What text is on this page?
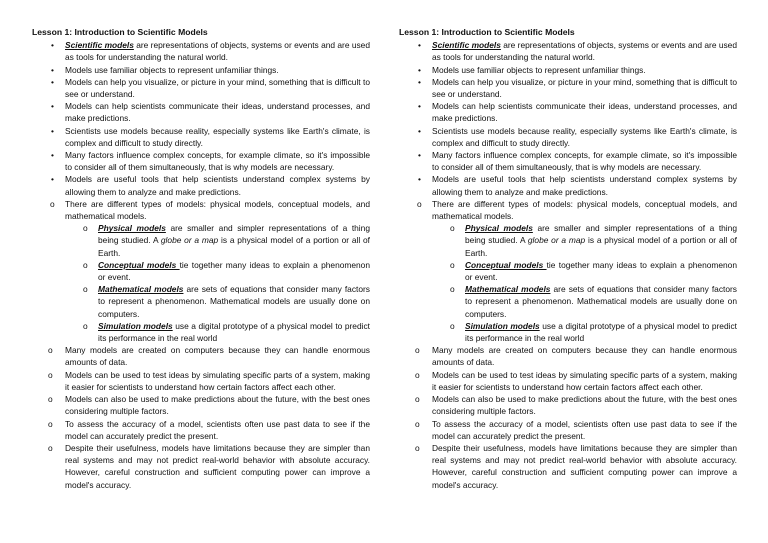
Lesson 1: Introduction to Scientific Models
• Scientific models are representations of objects, systems or events and are used as tools for understanding the natural world.
• Models use familiar objects to represent unfamiliar things.
• Models can help you visualize, or picture in your mind, something that is difficult to see or understand.
• Models can help scientists communicate their ideas, understand processes, and make predictions.
• Scientists use models because reality, especially systems like Earth's climate, is complex and difficult to study directly.
• Many factors influence complex concepts, for example climate, so it's impossible to consider all of them simultaneously, that is why models are necessary.
• Models are useful tools that help scientists understand complex systems by allowing them to analyze and make predictions.
o There are different types of models: physical models, conceptual models, and mathematical models.
o Physical models are smaller and simpler representations of a thing being studied. A globe or a map is a physical model of a portion or all of Earth.
o Conceptual models tie together many ideas to explain a phenomenon or event.
o Mathematical models are sets of equations that consider many factors to represent a phenomenon. Mathematical models are usually done on computers.
o Simulation models use a digital prototype of a physical model to predict its performance in the real world
o Many models are created on computers because they can handle enormous amounts of data.
o Models can be used to test ideas by simulating specific parts of a system, making it easier for scientists to understand how certain factors affect each other.
o Models can also be used to make predictions about the future, with the best ones considering multiple factors.
o To assess the accuracy of a model, scientists often use past data to see if the model can accurately predict the present.
o Despite their usefulness, models have limitations because they are simpler than real systems and may not predict real-world behavior with absolute accuracy. However, careful construction and sufficient computing power can improve a model's accuracy.
Lesson 1: Introduction to Scientific Models
• Scientific models are representations of objects, systems or events and are used as tools for understanding the natural world.
• Models use familiar objects to represent unfamiliar things.
• Models can help you visualize, or picture in your mind, something that is difficult to see or understand.
• Models can help scientists communicate their ideas, understand processes, and make predictions.
• Scientists use models because reality, especially systems like Earth's climate, is complex and difficult to study directly.
• Many factors influence complex concepts, for example climate, so it's impossible to consider all of them simultaneously, that is why models are necessary.
• Models are useful tools that help scientists understand complex systems by allowing them to analyze and make predictions.
o There are different types of models: physical models, conceptual models, and mathematical models.
o Physical models are smaller and simpler representations of a thing being studied. A globe or a map is a physical model of a portion or all of Earth.
o Conceptual models tie together many ideas to explain a phenomenon or event.
o Mathematical models are sets of equations that consider many factors to represent a phenomenon. Mathematical models are usually done on computers.
o Simulation models use a digital prototype of a physical model to predict its performance in the real world
o Many models are created on computers because they can handle enormous amounts of data.
o Models can be used to test ideas by simulating specific parts of a system, making it easier for scientists to understand how certain factors affect each other.
o Models can also be used to make predictions about the future, with the best ones considering multiple factors.
o To assess the accuracy of a model, scientists often use past data to see if the model can accurately predict the present.
o Despite their usefulness, models have limitations because they are simpler than real systems and may not predict real-world behavior with absolute accuracy. However, careful construction and sufficient computing power can improve a model's accuracy.
